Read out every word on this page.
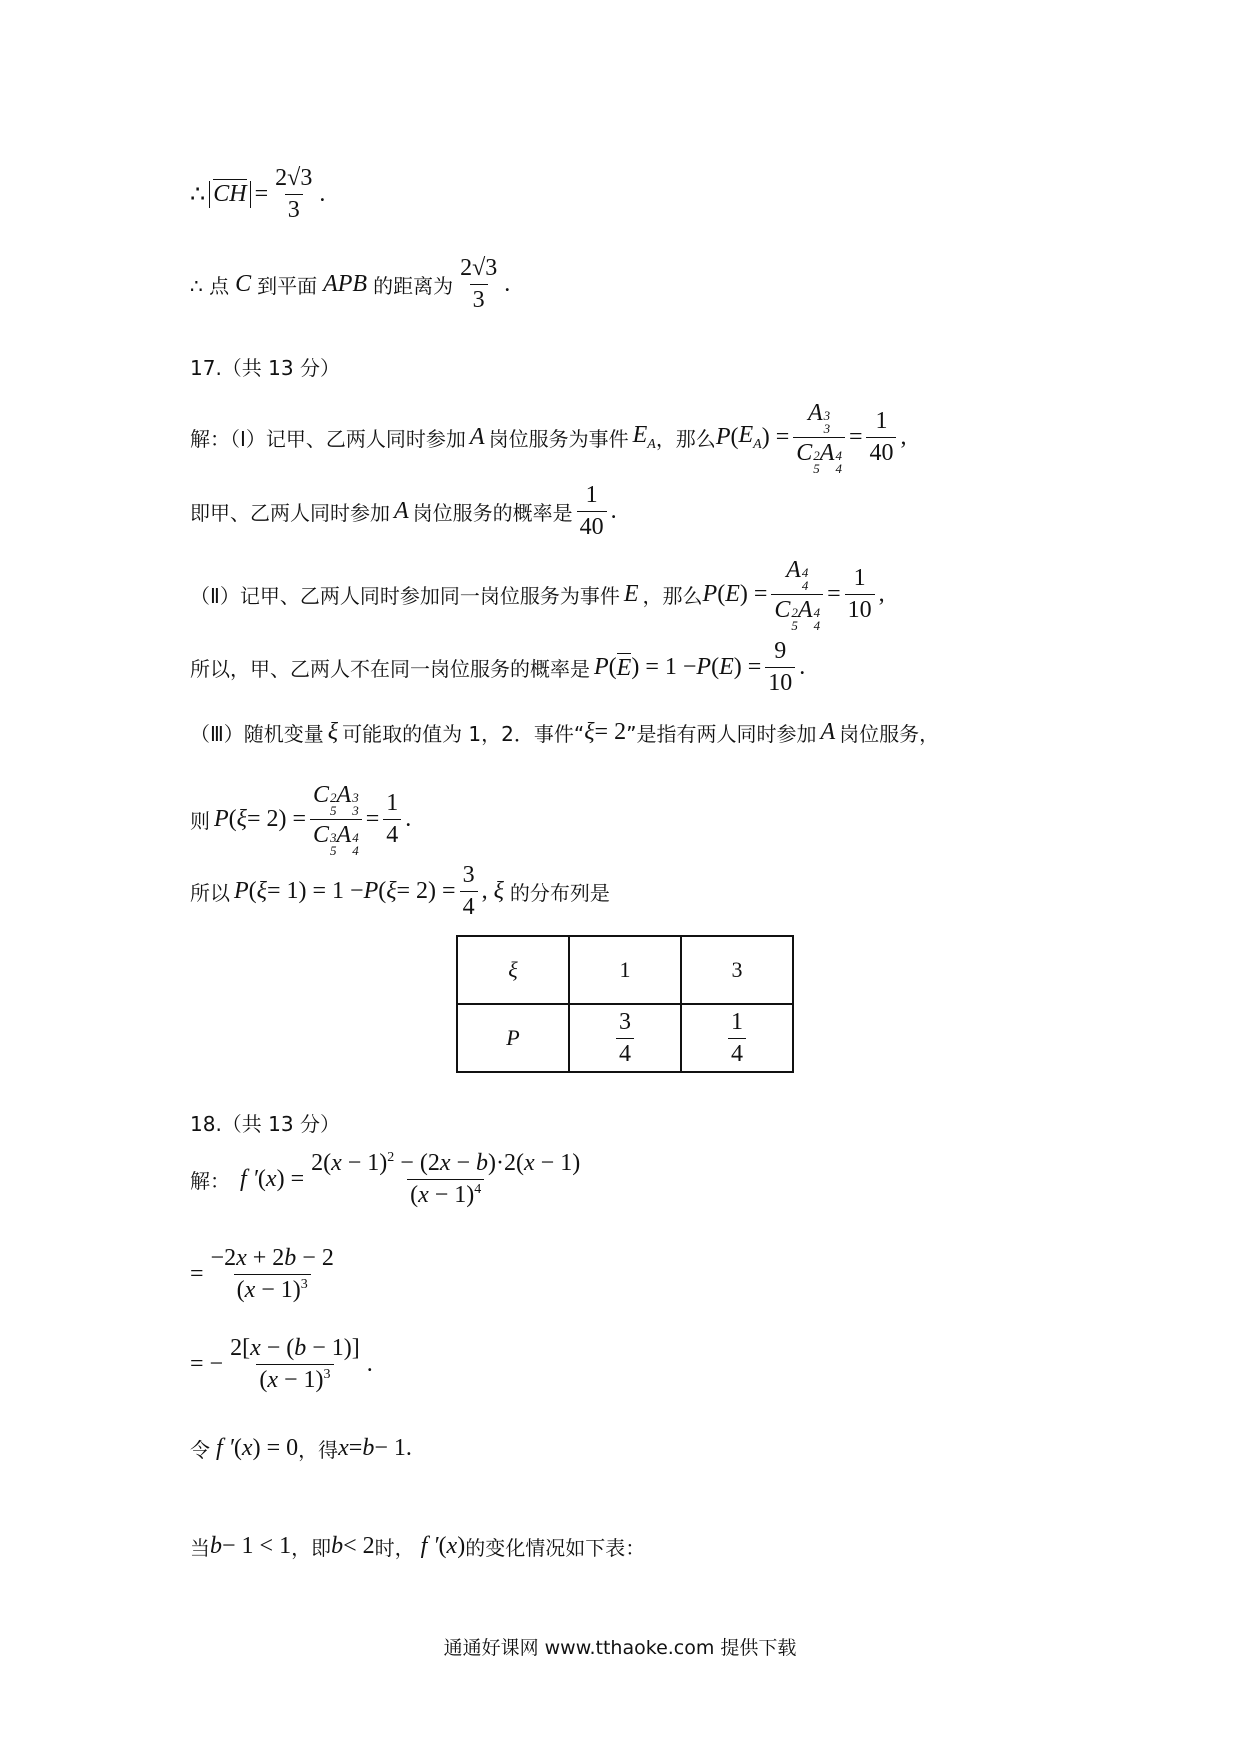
∴ CH = $\frac{2√3}{3}$ .
∴ 点 C 到平面 APB 的距离为 $\frac{2√3}{3}$ .
17.（共 13 分）
解：（Ⅰ）记甲、乙两人同时参加 A 岗位服务为事件 $E_A$ ，那么 P ( $E_A$ ) = A 3
3
C 2
5
A 4
$4 = \frac{1}{40}$ ,
即甲、乙两人同时参加 A 岗位服务的概率是 $\frac{1}{40}$ .
（Ⅱ）记甲、乙两人同时参加同一岗位服务为事件 E ，那么 P ( E ) = A 4
4
C 2
5
A 4
$4 = \frac{1}{10}$ ,
所以，甲、乙两人不在同一岗位服务的概率是 P ( E ) = 1 − P ( E ) = $\frac{9}{10}$ .
（Ⅲ）随机变量 ξ 可能取的值为 1，2．事件“ ξ = 2 ”是指有两人同时参加 A 岗位服务，
则 P ( ξ = 2) = C 2
5
A 3
3
C 3
5
A 4
$4 = \frac{1}{4}$ .
所以 P ( ξ = 1) = 1 − P ( $\xi = 2) = \frac{3}{4}$ , ξ 的分布列是
ξ	1	3
P	$\frac{3}{4}$	$\frac{1}{4}$
18.（共 13 分）
解： f ′ ( x ) = $\frac{2(x - 1)^2 - (2x - b)\cdot 2(x - 1)}{(x - 1)^4}$
= $\frac{-2x + 2b - 2}{(x - 1)^3}$
= − $\frac{2[x - (b - 1)]}{(x - 1)^3}$ .
令 f ′ ( x ) = 0 ，得 x = b − 1.
当 b − 1 < 1 ，即 b < 2 时， f ′ ( x ) 的变化情况如下表：
通通好课网 www.tthaoke.com 提供下载
